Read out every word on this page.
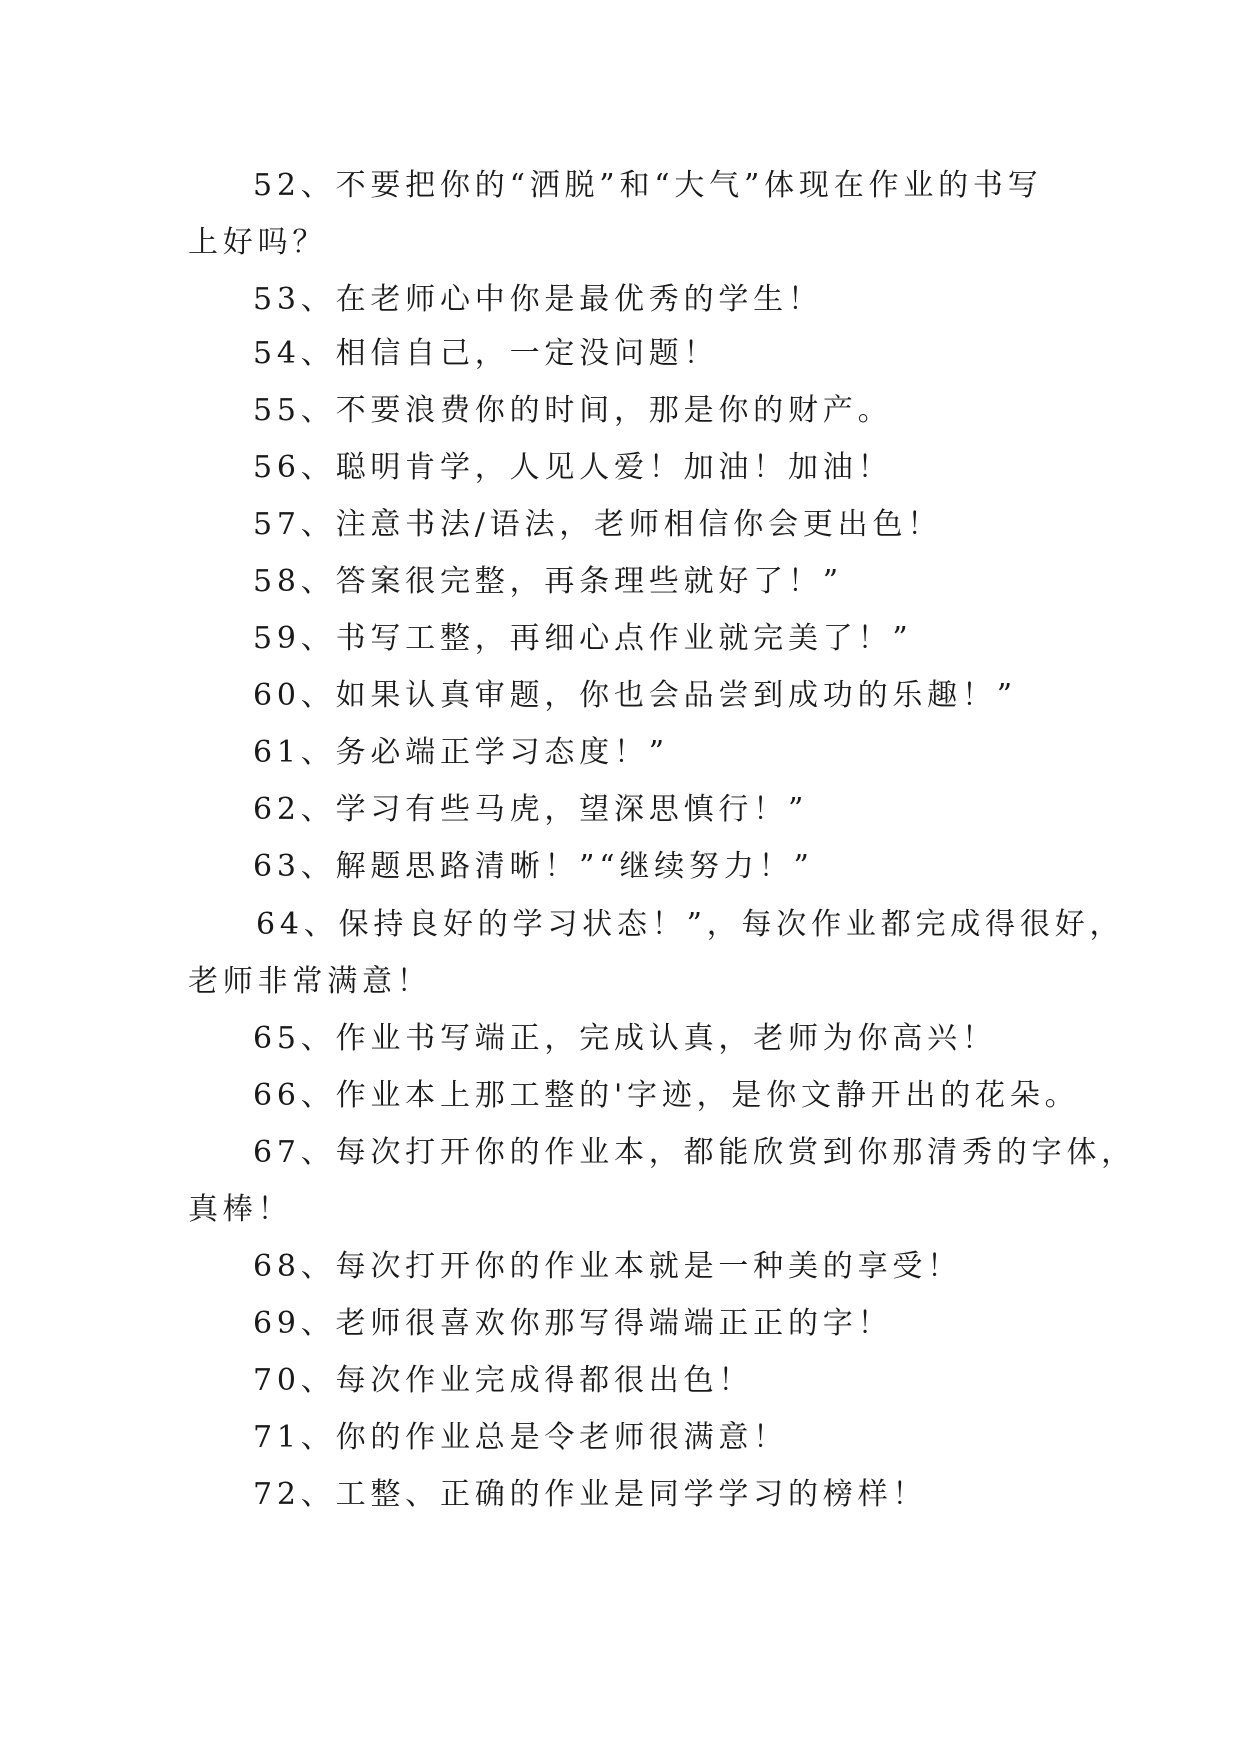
52、不要把你的“洒脱”和“大气”体现在作业的书写
上好吗？
53、在老师心中你是最优秀的学生！
54、相信自己，一定没问题！
55、不要浪费你的时间，那是你的财产。
56、聪明肯学，人见人爱！加油！加油！
57、注意书法/语法，老师相信你会更出色！
58、答案很完整，再条理些就好了！”
59、书写工整，再细心点作业就完美了！”
60、如果认真审题，你也会品尝到成功的乐趣！”
61、务必端正学习态度！”
62、学习有些马虎，望深思慎行！”
63、解题思路清晰！”“继续努力！”
64、保持良好的学习状态！”，每次作业都完成得很好，
老师非常满意！
65、作业书写端正，完成认真，老师为你高兴！
66、作业本上那工整的'字迹，是你文静开出的花朵。
67、每次打开你的作业本，都能欣赏到你那清秀的字体，
真棒！
68、每次打开你的作业本就是一种美的享受！
69、老师很喜欢你那写得端端正正的字！
70、每次作业完成得都很出色！
71、你的作业总是令老师很满意！
72、工整、正确的作业是同学学习的榜样！
